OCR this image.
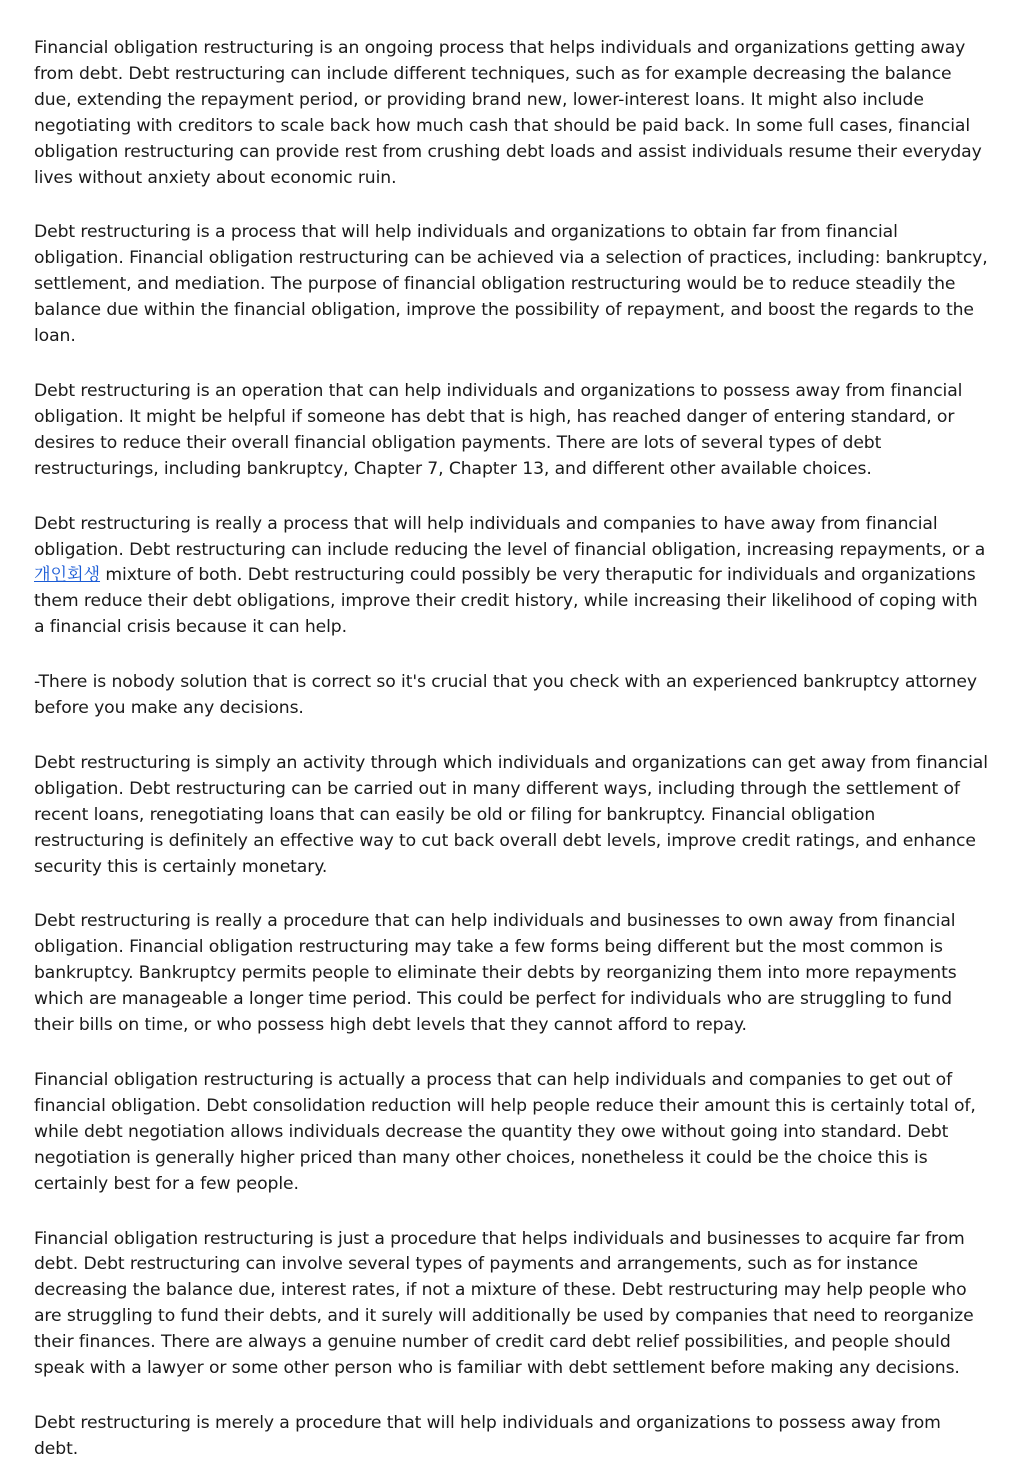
Financial obligation restructuring is an ongoing process that helps individuals and organizations getting away from debt. Debt restructuring can include different techniques, such as for example decreasing the balance due, extending the repayment period, or providing brand new, lower-interest loans. It might also include negotiating with creditors to scale back how much cash that should be paid back. In some full cases, financial obligation restructuring can provide rest from crushing debt loads and assist individuals resume their everyday lives without anxiety about economic ruin.

Debt restructuring is a process that will help individuals and organizations to obtain far from financial obligation. Financial obligation restructuring can be achieved via a selection of practices, including: bankruptcy, settlement, and mediation. The purpose of financial obligation restructuring would be to reduce steadily the balance due within the financial obligation, improve the possibility of repayment, and boost the regards to the loan.

Debt restructuring is an operation that can help individuals and organizations to possess away from financial obligation. It might be helpful if someone has debt that is high, has reached danger of entering standard, or desires to reduce their overall financial obligation payments. There are lots of several types of debt restructurings, including bankruptcy, Chapter 7, Chapter 13, and different other available choices.

Debt restructuring is really a process that will help individuals and companies to have away from financial obligation. Debt restructuring can include reducing the level of financial obligation, increasing repayments, or a 개인회생 mixture of both. Debt restructuring could possibly be very theraputic for individuals and organizations them reduce their debt obligations, improve their credit history, while increasing their likelihood of coping with a financial crisis because it can help.

-There is nobody solution that is correct so it's crucial that you check with an experienced bankruptcy attorney before you make any decisions.

Debt restructuring is simply an activity through which individuals and organizations can get away from financial obligation. Debt restructuring can be carried out in many different ways, including through the settlement of recent loans, renegotiating loans that can easily be old or filing for bankruptcy. Financial obligation restructuring is definitely an effective way to cut back overall debt levels, improve credit ratings, and enhance security this is certainly monetary.

Debt restructuring is really a procedure that can help individuals and businesses to own away from financial obligation. Financial obligation restructuring may take a few forms being different but the most common is bankruptcy. Bankruptcy permits people to eliminate their debts by reorganizing them into more repayments which are manageable a longer time period. This could be perfect for individuals who are struggling to fund their bills on time, or who possess high debt levels that they cannot afford to repay.

Financial obligation restructuring is actually a process that can help individuals and companies to get out of financial obligation. Debt consolidation reduction will help people reduce their amount this is certainly total of, while debt negotiation allows individuals decrease the quantity they owe without going into standard. Debt negotiation is generally higher priced than many other choices, nonetheless it could be the choice this is certainly best for a few people.

Financial obligation restructuring is just a procedure that helps individuals and businesses to acquire far from debt. Debt restructuring can involve several types of payments and arrangements, such as for instance decreasing the balance due, interest rates, if not a mixture of these. Debt restructuring may help people who are struggling to fund their debts, and it surely will additionally be used by companies that need to reorganize their finances. There are always a genuine number of credit card debt relief possibilities, and people should speak with a lawyer or some other person who is familiar with debt settlement before making any decisions.

Debt restructuring is merely a procedure that will help individuals and organizations to possess away from debt.
